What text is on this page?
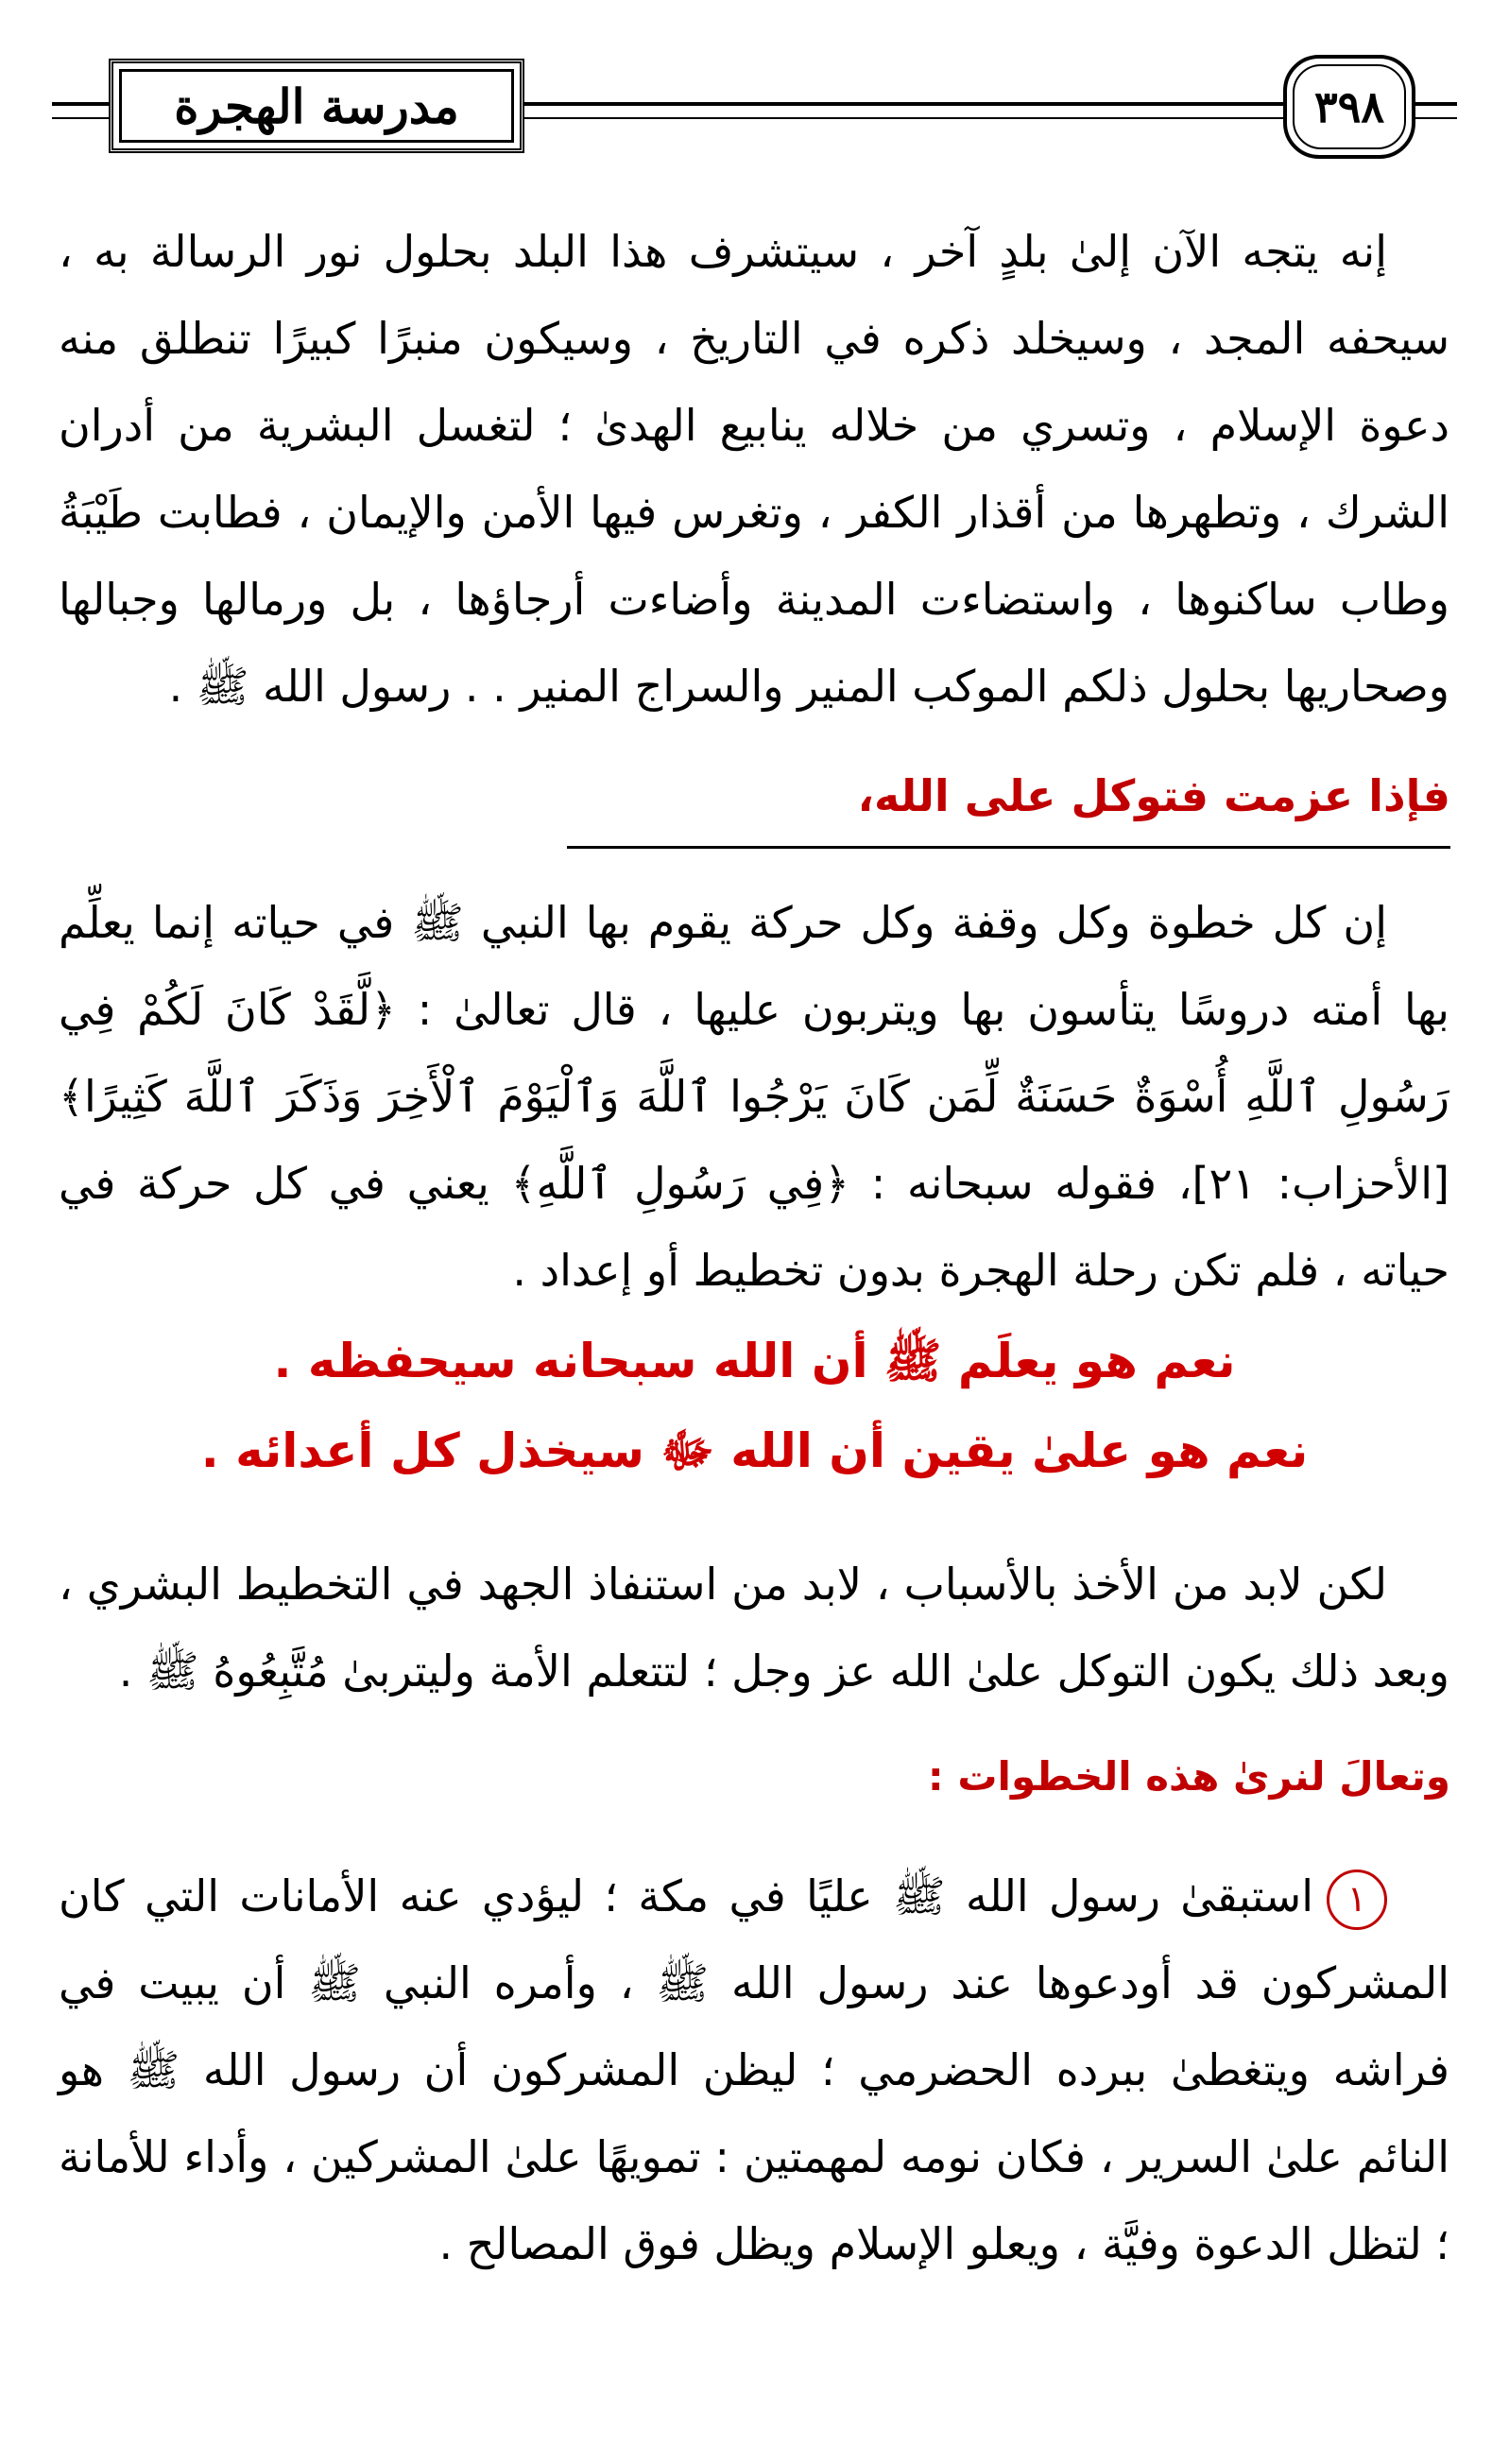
٣٩٨
مدرسة الهجرة

إنه يتجه الآن إلىٰ بلدٍ آخر ، سيتشرف هذا البلد بحلول نور الرسالة به ، سيحفه المجد ، وسيخلد ذكره في التاريخ ، وسيكون منبرًا كبيرًا تنطلق منه دعوة الإسلام ، وتسري من خلاله ينابيع الهدىٰ ؛ لتغسل البشرية من أدران الشرك ، وتطهرها من أقذار الكفر ، وتغرس فيها الأمن والإيمان ، فطابت طَيْبَةُ وطاب ساكنوها ، واستضاءت المدينة وأضاءت أرجاؤها ، بل ورمالها وجبالها وصحاريها بحلول ذلكم الموكب المنير والسراج المنير . . رسول الله ﷺ .

فإذا عزمت فتوكل على الله،

إن كل خطوة وكل وقفة وكل حركة يقوم بها النبي ﷺ في حياته إنما يعلِّم بها أمته دروسًا يتأسون بها ويتربون عليها ، قال تعالىٰ : ﴿لَّقَدْ كَانَ لَكُمْ فِي رَسُولِ ٱللَّهِ أُسْوَةٌ حَسَنَةٌ لِّمَن كَانَ يَرْجُوا ٱللَّهَ وَٱلْيَوْمَ ٱلْأَخِرَ وَذَكَرَ ٱللَّهَ كَثِيرًا﴾ [الأحزاب: ٢١]، فقوله سبحانه : ﴿فِي رَسُولِ ٱللَّهِ﴾ يعني في كل حركة في حياته ، فلم تكن رحلة الهجرة بدون تخطيط أو إعداد .

نعم هو يعلَم ﷺ أن الله سبحانه سيحفظه .
نعم هو علىٰ يقين أن الله ﷻ سيخذل كل أعدائه .

لكن لابد من الأخذ بالأسباب ، لابد من استنفاذ الجهد في التخطيط البشري ، وبعد ذلك يكون التوكل علىٰ الله عز وجل ؛ لتتعلم الأمة وليتربىٰ مُتَّبِعُوهُ ﷺ .

وتعالَ لنرىٰ هذه الخطوات :

١استبقىٰ رسول الله ﷺ عليًا في مكة ؛ ليؤدي عنه الأمانات التي كان المشركون قد أودعوها عند رسول الله ﷺ ، وأمره النبي ﷺ أن يبيت في فراشه ويتغطىٰ ببرده الحضرمي ؛ ليظن المشركون أن رسول الله ﷺ هو النائم علىٰ السرير ، فكان نومه لمهمتين : تمويهًا علىٰ المشركين ، وأداء للأمانة ؛ لتظل الدعوة وفيَّة ، ويعلو الإسلام ويظل فوق المصالح .
